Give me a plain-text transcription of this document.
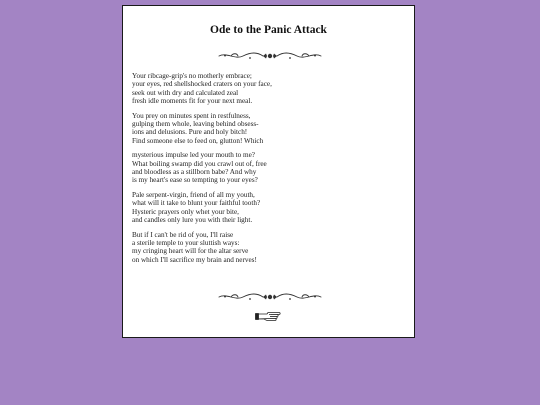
Ode to the Panic Attack

Your ribcage-grip's no motherly embrace;
your eyes, red shellshocked craters on your face,
seek out with dry and calculated zeal
fresh idle moments fit for your next meal.

You prey on minutes spent in restfulness,
gulping them whole, leaving behind obsess-
ions and delusions. Pure and holy bitch!
Find someone else to feed on, glutton! Which

mysterious impulse led your mouth to me?
What boiling swamp did you crawl out of, free
and bloodless as a stillborn babe? And why
is my heart's ease so tempting to your eyes?

Pale serpent-virgin, friend of all my youth,
what will it take to blunt your faithful tooth?
Hysteric prayers only whet your bite,
and candles only lure you with their light.

But if I can't be rid of you, I'll raise
a sterile temple to your sluttish ways:
my cringing heart will for the altar serve
on which I'll sacrifice my brain and nerves!
